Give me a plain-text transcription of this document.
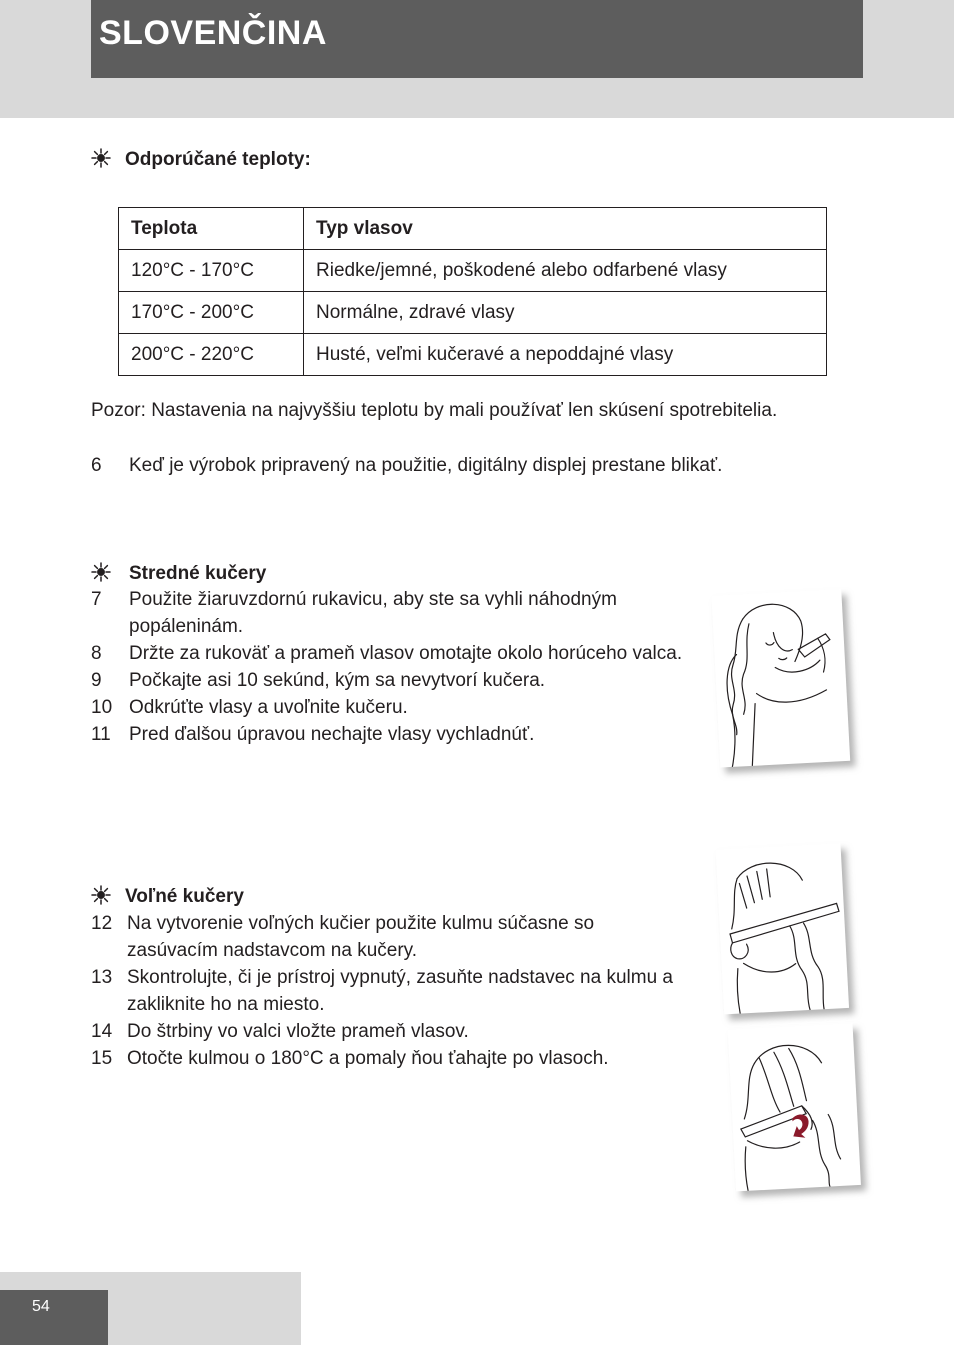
SLOVENČINA
Odporúčané teploty:
Teplota	Typ vlasov
120°C - 170°C	Riedke/jemné, poškodené alebo odfarbené vlasy
170°C - 200°C	Normálne, zdravé vlasy
200°C - 220°C	Husté, veľmi kučeravé a nepoddajné vlasy
Pozor: Nastavenia na najvyššiu teplotu by mali používať len skúsení spotrebitelia.
6	Keď je výrobok pripravený na použitie, digitálny displej prestane blikať.
Stredné kučery
7	Použite žiaruvzdornú rukavicu, aby ste sa vyhli náhodným popáleninám.
8	Držte za rukoväť a prameň vlasov omotajte okolo horúceho valca.
9	Počkajte asi 10 sekúnd, kým sa nevytvorí kučera.
10 Odkrúťte vlasy a uvoľnite kučeru.
11 Pred ďalšou úpravou nechajte vlasy vychladnúť.
Voľné kučery
12 Na vytvorenie voľných kučier použite kulmu súčasne so zasúvacím nadstavcom na kučery.
13 Skontrolujte, či je prístroj vypnutý, zasuňte nadstavec na kulmu a zakliknite ho na miesto.
14 Do štrbiny vo valci vložte prameň vlasov.
15 Otočte kulmou o 180°C a pomaly ňou ťahajte po vlasoch.
54
